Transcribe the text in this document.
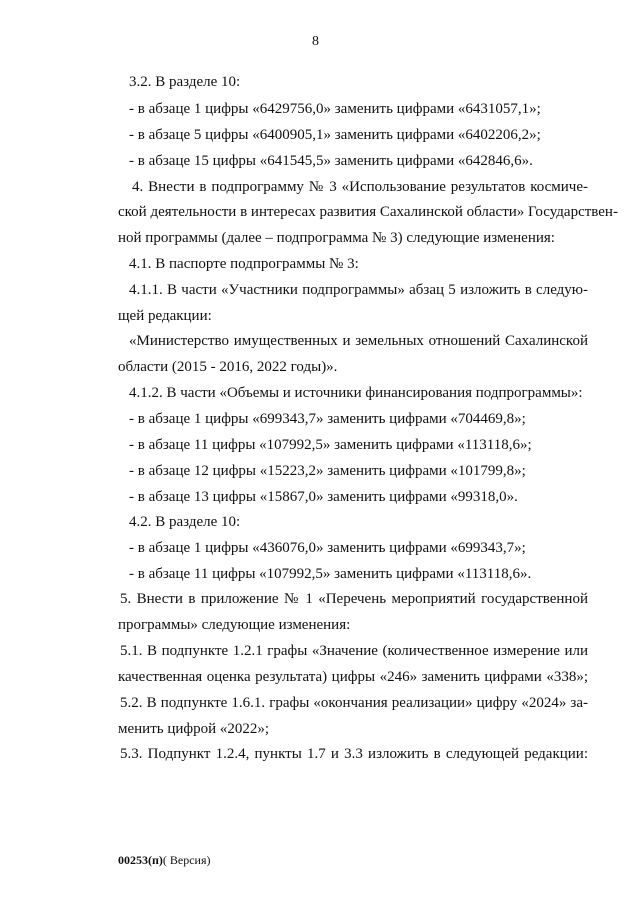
8
3.2. В разделе 10:
- в абзаце 1 цифры «6429756,0» заменить цифрами «6431057,1»;
- в абзаце 5 цифры «6400905,1» заменить цифрами «6402206,2»;
- в абзаце 15 цифры «641545,5» заменить цифрами «642846,6».
4. Внести в подпрограмму № 3 «Использование результатов космиче-
ской деятельности в интересах развития Сахалинской области» Государствен-
ной программы (далее – подпрограмма № 3) следующие изменения:
4.1. В паспорте подпрограммы № 3:
4.1.1. В части «Участники подпрограммы» абзац 5 изложить в следую-
щей редакции:
«Министерство имущественных и земельных отношений Сахалинской
области (2015 - 2016, 2022 годы)».
4.1.2. В части «Объемы и источники финансирования подпрограммы»:
- в абзаце 1 цифры «699343,7» заменить цифрами «704469,8»;
- в абзаце 11 цифры «107992,5» заменить цифрами «113118,6»;
- в абзаце 12 цифры «15223,2» заменить цифрами «101799,8»;
- в абзаце 13 цифры «15867,0» заменить цифрами «99318,0».
4.2. В разделе 10:
- в абзаце 1 цифры «436076,0» заменить цифрами «699343,7»;
- в абзаце 11 цифры «107992,5» заменить цифрами «113118,6».
5. Внести в приложение № 1 «Перечень мероприятий государственной
программы» следующие изменения:
5.1. В подпункте 1.2.1 графы «Значение (количественное измерение или
качественная оценка результата) цифры «246» заменить цифрами «338»;
5.2. В подпункте 1.6.1. графы «окончания реализации» цифру «2024» за-
менить цифрой «2022»;
5.3. Подпункт 1.2.4, пункты 1.7 и 3.3 изложить в следующей редакции:
00253(п)( Версия)
